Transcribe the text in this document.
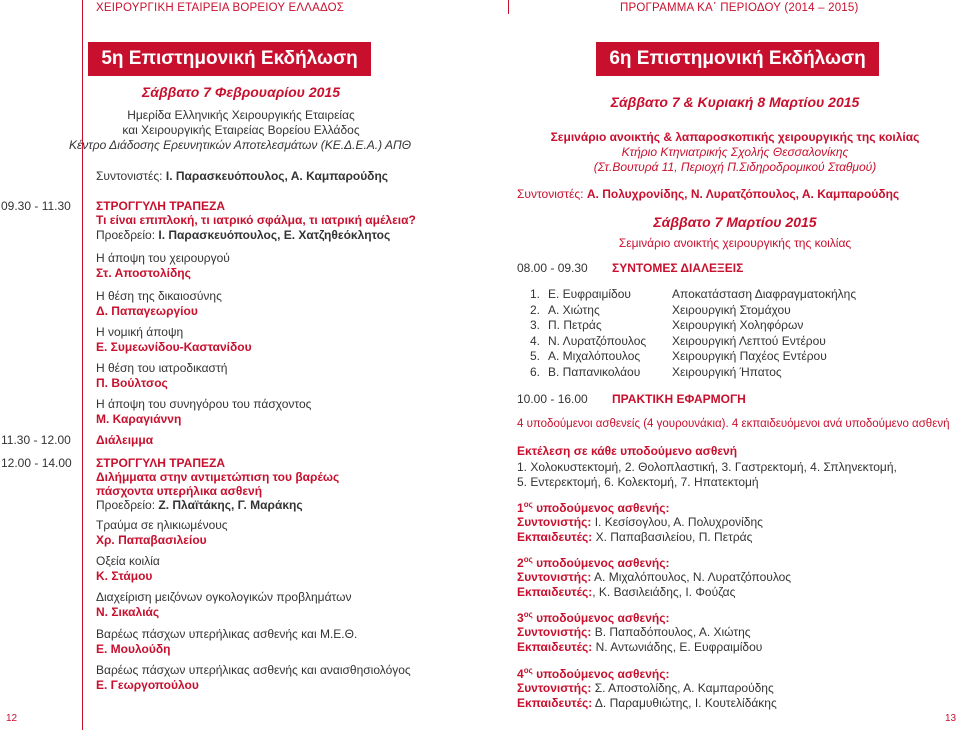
ΧΕΙΡΟΥΡΓΙΚΗ ΕΤΑΙΡΕΙΑ ΒΟΡΕΙΟΥ ΕΛΛΑΔΟΣ	ΠΡΟΓΡΑΜΜΑ ΚΑ΄ ΠΕΡΙΟΔΟΥ (2014 – 2015)
5η Επιστημονική Εκδήλωση
Σάββατο 7 Φεβρουαρίου 2015
Ημερίδα Ελληνικής Χειρουργικής Εταιρείας
και Χειρουργικής Εταιρείας Βορείου Ελλάδος
Κέντρο Διάδοσης Ερευνητικών Αποτελεσμάτων (ΚΕ.Δ.Ε.Α.) ΑΠΘ
Συντονιστές: Ι. Παρασκευόπουλος, Α. Καμπαρούδης
09.30 - 11.30 ΣΤΡΟΓΓΥΛΗ ΤΡΑΠΕΖΑ
Τι είναι επιπλοκή, τι ιατρικό σφάλμα, τι ιατρική αμέλεια?
Προεδρείο: Ι. Παρασκευόπουλος, Ε. Χατζηθεόκλητος
Η άποψη του χειρουργού
Στ. Αποστολίδης
Η θέση της δικαιοσύνης
Δ. Παπαγεωργίου
Η νομική άποψη
Ε. Συμεωνίδου-Καστανίδου
Η θέση του ιατροδικαστή
Π. Βούλτσος
Η άποψη του συνηγόρου του πάσχοντος
Μ. Καραγιάννη
11.30 - 12.00 Διάλειμμα
12.00 - 14.00 ΣΤΡΟΓΓΥΛΗ ΤΡΑΠΕΖΑ
Διλήμματα στην αντιμετώπιση του βαρέως
πάσχοντα υπερήλικα ασθενή
Προεδρείο: Ζ. Πλαϊτάκης, Γ. Μαράκης
Τραύμα σε ηλικιωμένους
Χρ. Παπαβασιλείου
Οξεία κοιλία
Κ. Στάμου
Διαχείριση μειζόνων ογκολογικών προβλημάτων
Ν. Σικαλιάς
Βαρέως πάσχων υπερήλικας ασθενής και Μ.Ε.Θ.
Ε. Μουλούδη
Βαρέως πάσχων υπερήλικας ασθενής και αναισθησιολόγος
Ε. Γεωργοπούλου
12
6η Επιστημονική Εκδήλωση
Σάββατο 7 & Κυριακή 8 Μαρτίου 2015
Σεμινάριο ανοικτής & λαπαροσκοπικής χειρουργικής της κοιλίας
Κτήριο Κτηνιατρικής Σχολής Θεσσαλονίκης
(Στ.Βουτυρά 11, Περιοχή Π.Σιδηροδρομικού Σταθμού)
Συντονιστές: Α. Πολυχρονίδης, Ν. Λυρατζόπουλος, Α. Καμπαρούδης
Σάββατο 7 Μαρτίου 2015
Σεμινάριο ανοικτής χειρουργικής της κοιλίας
08.00 - 09.30 ΣΥΝΤΟΜΕΣ ΔΙΑΛΕΞΕΙΣ
1. Ε. Ευφραιμίδου	Αποκατάσταση Διαφραγματοκήλης
2. Α. Χιώτης	Χειρουργική Στομάχου
3. Π. Πετράς	Χειρουργική Χοληφόρων
4. Ν. Λυρατζόπουλος Χειρουργική Λεπτού Εντέρου
5. Α. Μιχαλόπουλος	Χειρουργική Παχέος Εντέρου
6. Β. Παπανικολάου	Χειρουργική Ήπατος
10.00 - 16.00 ΠΡΑΚΤΙΚΗ ΕΦΑΡΜΟΓΗ
4 υποδούμενοι ασθενείς (4 γουρουνάκια). 4 εκπαιδευόμενοι ανά υποδούμενο ασθενή
Εκτέλεση σε κάθε υποδούμενο ασθενή
1. Χολοκυστεκτομή, 2. Θολοπλαστική, 3. Γαστρεκτομή, 4. Σπληνεκτομή,
5. Εντερεκτομή, 6. Κολεκτομή, 7. Ηπατεκτομή
$1^{o\varsigma}$ υποδούμενος ασθενής:
Συντονιστής: Ι. Κεσίσογλου, Α. Πολυχρονίδης
Εκπαιδευτές: Χ. Παπαβασιλείου, Π. Πετράς
$2^{o\varsigma}$ υποδούμενος ασθενής:
Συντονιστής: Α. Μιχαλόπουλος, Ν. Λυρατζόπουλος
Εκπαιδευτές:, Κ. Βασιλειάδης, Ι. Φούζας
$3^{o\varsigma}$ υποδούμενος ασθενής:
Συντονιστής: Β. Παπαδόπουλος, Α. Χιώτης
Εκπαιδευτές: Ν. Αντωνιάδης, Ε. Ευφραιμίδου
$4^{o\varsigma}$ υποδούμενος ασθενής:
Συντονιστής: Σ. Αποστολίδης, Α. Καμπαρούδης
Εκπαιδευτές: Δ. Παραμυθιώτης, Ι. Κουτελίδάκης
13
